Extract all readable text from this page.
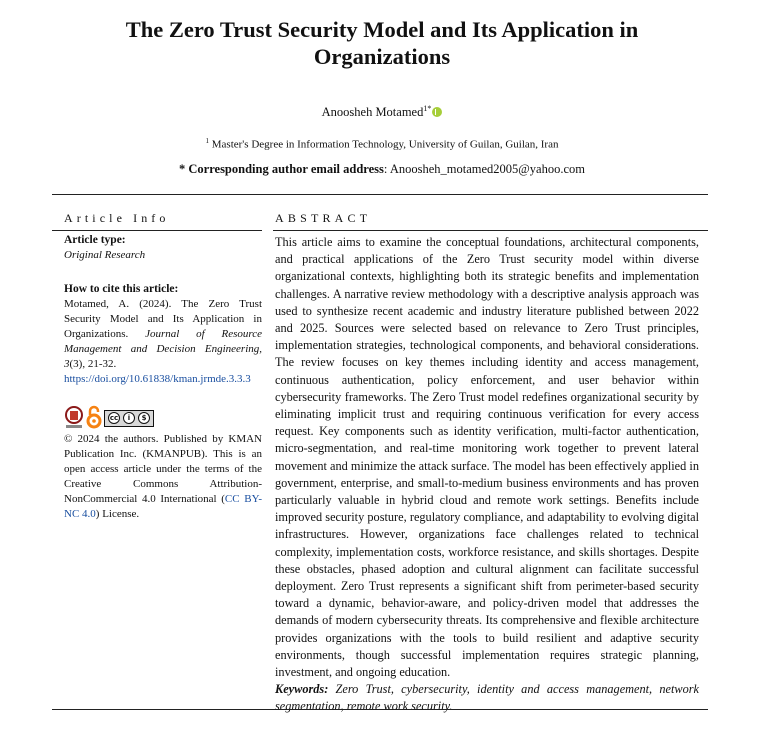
The Zero Trust Security Model and Its Application in Organizations
Anoosheh Motamed$^{1*}$
$^1$ Master's Degree in Information Technology, University of Guilan, Guilan, Iran
* Corresponding author email address: Anoosheh_motamed2005@yahoo.com
Article Info	ABSTRACT

Article type:

Original Research

How to cite this article:

Motamed, A. (2024). The Zero Trust Security Model and Its Application in Organizations. Journal of Resource Management and Decision Engineering, 3(3), 21-32.

https://doi.org/10.61838/kman.jrmde.3.3.3

cc	i	$

© 2024 the authors. Published by KMAN Publication Inc. (KMANPUB). This is an open access article under the terms of the Creative Commons Attribution-NonCommercial 4.0 International (CC BY-NC 4.0) License.

This article aims to examine the conceptual foundations, architectural components, and practical applications of the Zero Trust security model within diverse organizational contexts, highlighting both its strategic benefits and implementation challenges. A narrative review methodology with a descriptive analysis approach was used to synthesize recent academic and industry literature published between 2022 and 2025. Sources were selected based on relevance to Zero Trust principles, implementation strategies, technological components, and behavioral considerations. The review focuses on key themes including identity and access management, continuous authentication, policy enforcement, and user behavior within cybersecurity frameworks. The Zero Trust model redefines organizational security by eliminating implicit trust and requiring continuous verification for every access request. Key components such as identity verification, multi-factor authentication, micro-segmentation, and real-time monitoring work together to prevent lateral movement and minimize the attack surface. The model has been effectively applied in government, enterprise, and small-to-medium business environments and has proven particularly valuable in hybrid cloud and remote work settings. Benefits include improved security posture, regulatory compliance, and adaptability to evolving digital infrastructures. However, organizations face challenges related to technical complexity, implementation costs, workforce resistance, and skills shortages. Despite these obstacles, phased adoption and cultural alignment can facilitate successful deployment. Zero Trust represents a significant shift from perimeter-based security toward a dynamic, behavior-aware, and policy-driven model that addresses the demands of modern cybersecurity threats. Its comprehensive and flexible architecture provides organizations with the tools to build resilient and adaptive security environments, though successful implementation requires strategic planning, investment, and ongoing education.

Keywords: Zero Trust, cybersecurity, identity and access management, network segmentation, remote work security.
